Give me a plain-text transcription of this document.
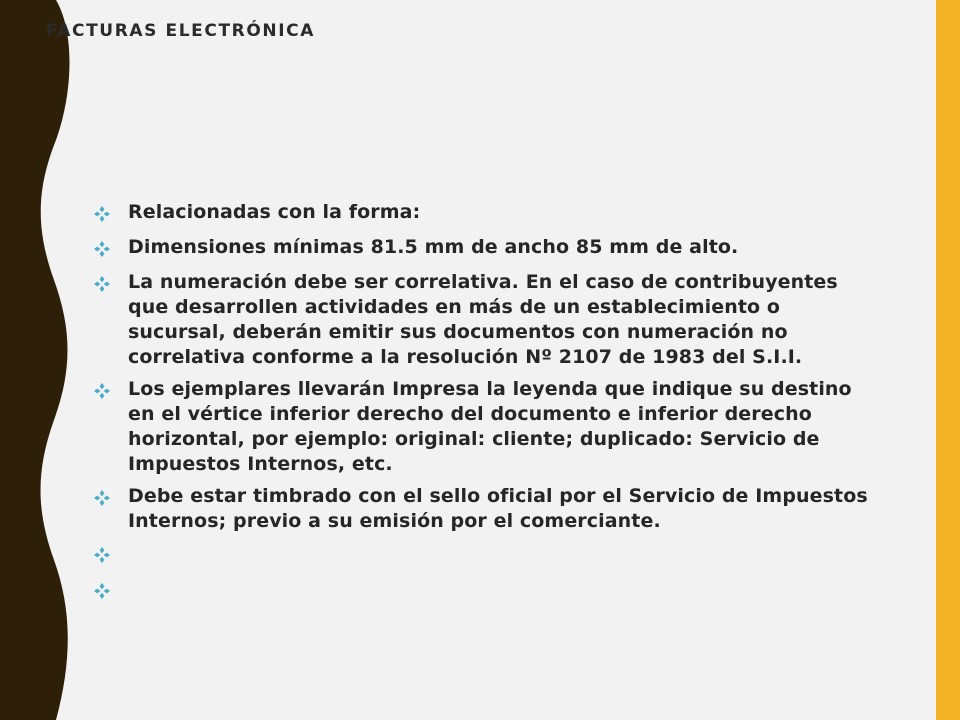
FACTURAS ELECTRÓNICA
Relacionadas con la forma:
Dimensiones mínimas 81.5 mm de ancho 85 mm de alto.
La numeración debe ser correlativa. En el caso de contribuyentes que desarrollen actividades en más de un establecimiento o sucursal, deberán emitir sus documentos con numeración no correlativa conforme a la resolución Nº 2107 de 1983 del S.I.I.
Los ejemplares llevarán Impresa la leyenda que indique su destino en el vértice inferior derecho del documento e inferior derecho horizontal, por ejemplo: original: cliente; duplicado: Servicio de Impuestos Internos, etc.
Debe estar timbrado con el sello oficial por el Servicio de Impuestos Internos; previo a su emisión por el comerciante.
